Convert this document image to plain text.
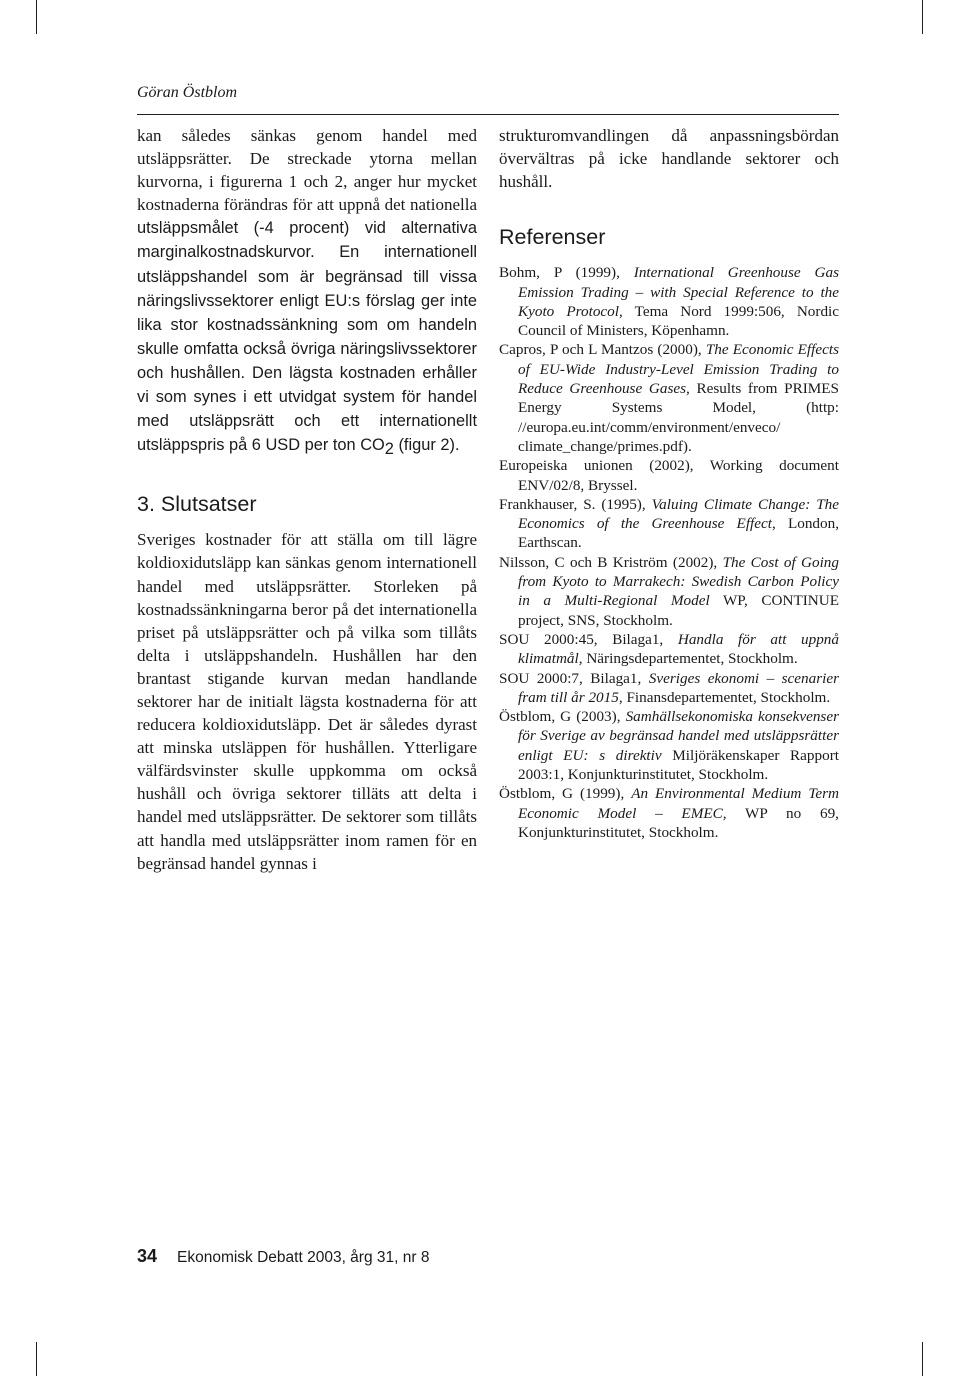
Göran Östblom

kan således sänkas genom handel med utsläppsrätter. De streckade ytorna mellan kurvorna, i figurerna 1 och 2, anger hur mycket kostnaderna förändras för att uppnå det nationella utsläppsmålet (-4 procent) vid alternativa marginalkostnadskurvor. En internationell utsläppshandel som är begränsad till vissa näringslivssektorer enligt EU:s förslag ger inte lika stor kostnadssänkning som om handeln skulle omfatta också övriga näringslivssektorer och hushållen. Den lägsta kostnaden erhåller vi som synes i ett utvidgat system för handel med utsläppsrätt och ett internationellt utsläppspris på 6 USD per ton $CO_2$ (figur 2).

3. Slutsatser

Sveriges kostnader för att ställa om till lägre koldioxidutsläpp kan sänkas genom internationell handel med utsläppsrätter. Storleken på kostnadssänkningarna beror på det internationella priset på utsläppsrätter och på vilka som tillåts delta i utsläppshandeln. Hushållen har den brantast stigande kurvan medan handlande sektorer har de initialt lägsta kostnaderna för att reducera koldioxidutsläpp. Det är således dyrast att minska utsläppen för hushållen. Ytterligare välfärdsvinster skulle uppkomma om också hushåll och övriga sektorer tilläts att delta i handel med utsläppsrätter. De sektorer som tillåts att handla med utsläppsrätter inom ramen för en begränsad handel gynnas i

strukturomvandlingen då anpassningsbördan övervältras på icke handlande sektorer och hushåll.

Referenser

Bohm, P (1999), International Greenhouse Gas Emission Trading – with Special Reference to the Kyoto Protocol, Tema Nord 1999:506, Nordic Council of Ministers, Köpenhamn.

Capros, P och L Mantzos (2000), The Economic Effects of EU-Wide Industry-Level Emission Trading to Reduce Greenhouse Gases, Results from PRIMES Energy Systems Model, (http: //europa.eu.int/comm/environment/enveco/ climate_change/primes.pdf).

Europeiska unionen (2002), Working document ENV/02/8, Bryssel.

Frankhauser, S. (1995), Valuing Climate Change: The Economics of the Greenhouse Effect, London, Earthscan.

Nilsson, C och B Kriström (2002), The Cost of Going from Kyoto to Marrakech: Swedish Carbon Policy in a Multi-Regional Model WP, CONTINUE project, SNS, Stockholm.

SOU 2000:45, Bilaga1, Handla för att uppnå klimatmål, Näringsdepartementet, Stockholm.

SOU 2000:7, Bilaga1, Sveriges ekonomi – scenarier fram till år 2015, Finansdepartementet, Stockholm.

Östblom, G (2003), Samhällsekonomiska konsekvenser för Sverige av begränsad handel med utsläppsrätter enligt EU: s direktiv Miljöräkenskaper Rapport 2003:1, Konjunkturinstitutet, Stockholm.

Östblom, G (1999), An Environmental Medium Term Economic Model – EMEC, WP no 69, Konjunkturinstitutet, Stockholm.

34 Ekonomisk Debatt 2003, årg 31, nr 8
